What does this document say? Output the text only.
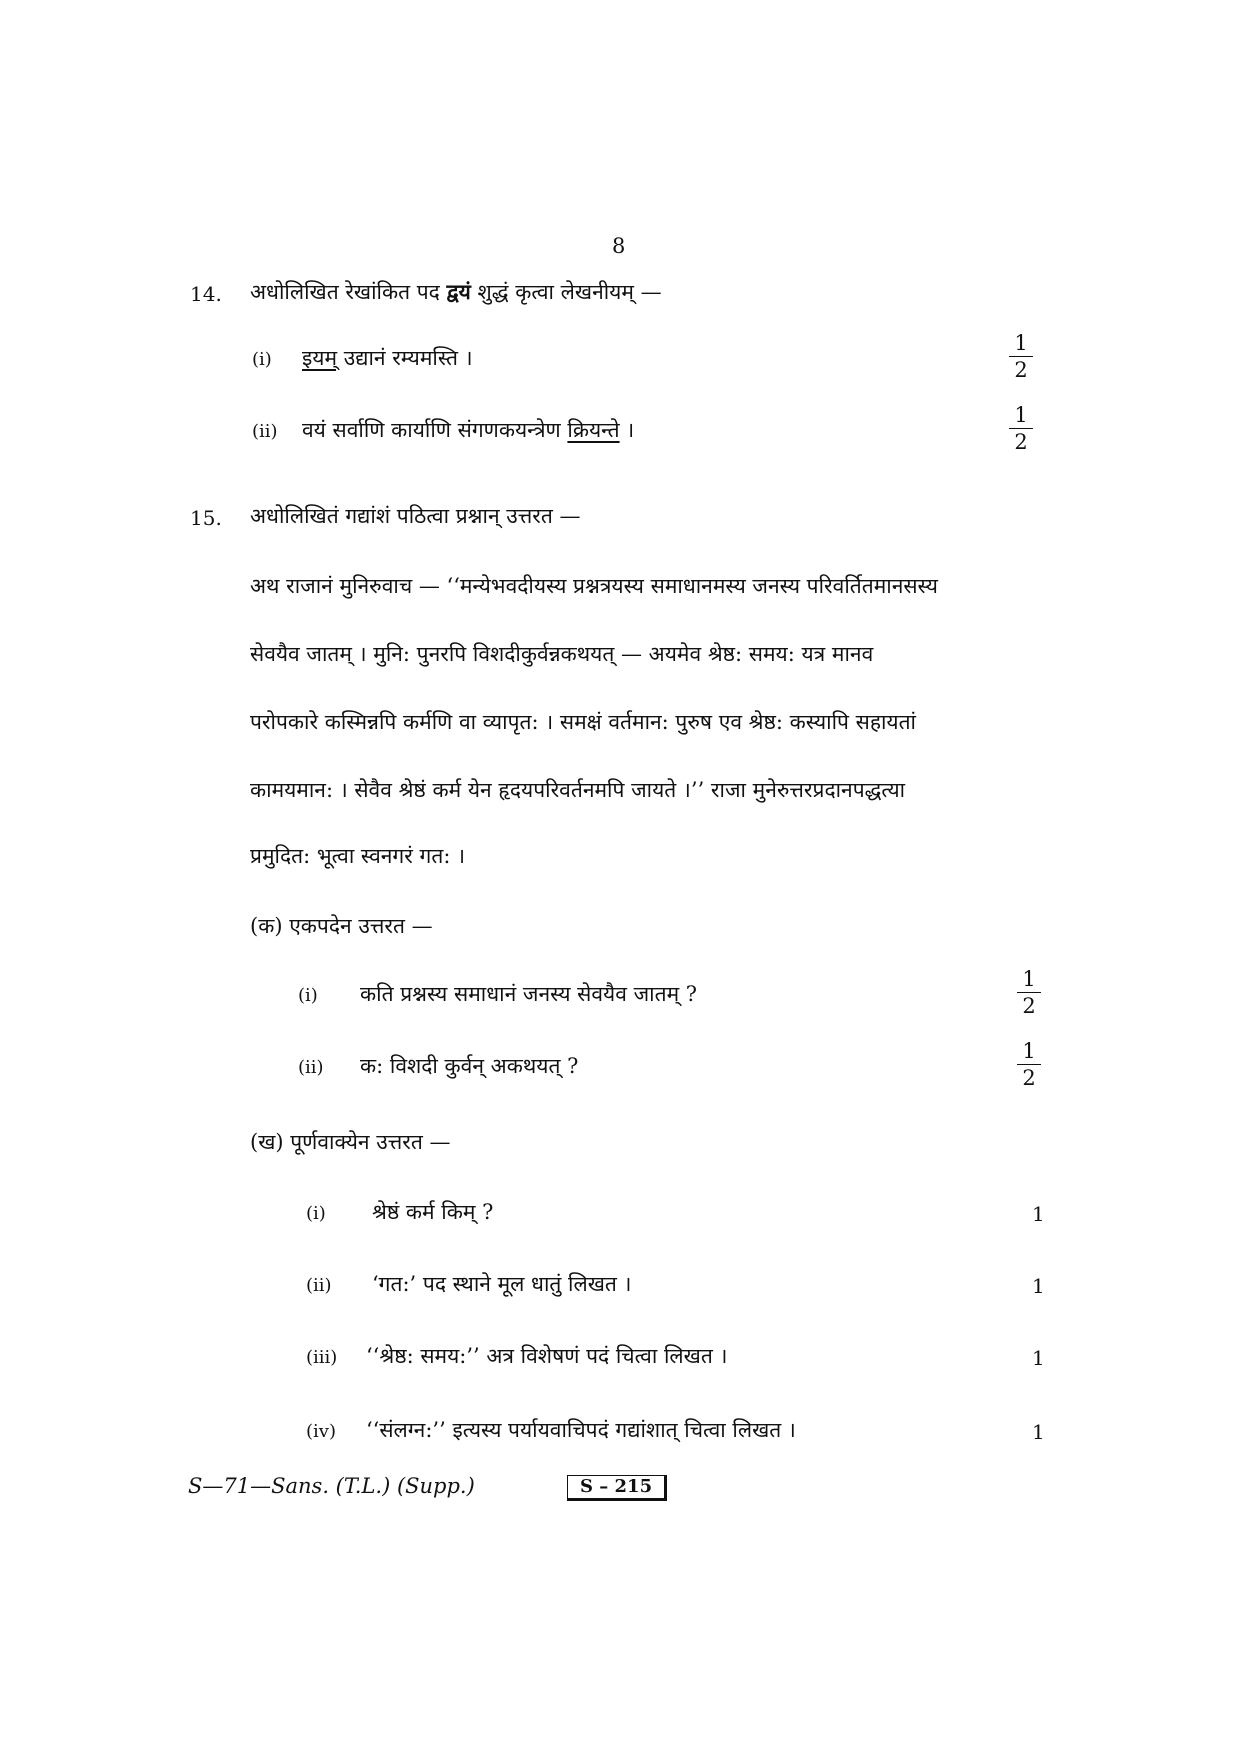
8
14. अधोलिखित रेखांकित पद द्वयं शुद्धं कृत्वा लेखनीयम् —
(i) इयम् उद्यानं रम्यमस्ति ।	$\frac{1}{2}$
(ii) वयं सर्वाणि कार्याणि संगणकयन्त्रेण क्रियन्ते ।	$\frac{1}{2}$
15. अधोलिखितं गद्यांशं पठित्वा प्रश्नान् उत्तरत —
अथ राजानं मुनिरुवाच — ‘‘मन्येभवदीयस्य प्रश्नत्रयस्य समाधानमस्य जनस्य परिवर्तितमानसस्य
सेवयैव जातम् । मुनि: पुनरपि विशदीकुर्वन्नकथयत् — अयमेव श्रेष्ठ: समय: यत्र मानव
परोपकारे कस्मिन्नपि कर्मणि वा व्यापृत: । समक्षं वर्तमान: पुरुष एव श्रेष्ठ: कस्यापि सहायतां
कामयमान: । सेवैव श्रेष्ठं कर्म येन हृदयपरिवर्तनमपि जायते ।’’ राजा मुनेरुत्तरप्रदानपद्धत्या
प्रमुदित: भूत्वा स्वनगरं गत: ।
(क) एकपदेन उत्तरत —
(i) कति प्रश्नस्य समाधानं जनस्य सेवयैव जातम् ?	$\frac{1}{2}$
(ii) क: विशदी कुर्वन् अकथयत् ?	$\frac{1}{2}$
(ख) पूर्णवाक्येन उत्तरत —
(i) श्रेष्ठं कर्म किम् ?	1
(ii) ‘गत:’ पद स्थाने मूल धातुं लिखत ।	1
(iii) ‘‘श्रेष्ठ: समय:’’ अत्र विशेषणं पदं चित्वा लिखत ।	1
(iv) ‘‘संलग्न:’’ इत्यस्य पर्यायवाचिपदं गद्यांशात् चित्वा लिखत ।	1
S—71—Sans. (T.L.) (Supp.)	S – 215
